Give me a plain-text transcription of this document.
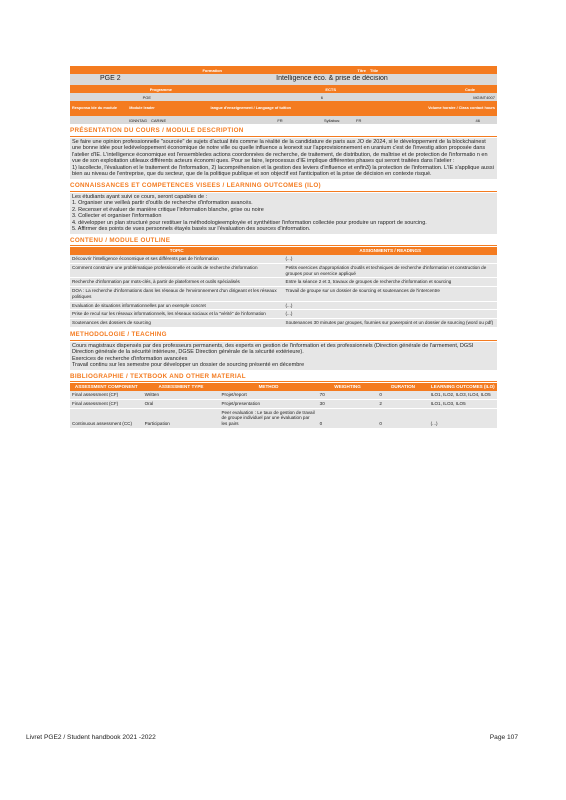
Formation	Titre	Title
PGE 2	Intelligence éco. & prise de décision
Programme	ECTS	Code
PGE	6	MGINT4007
Responsa ble du module	Module leader	langue d'enseignement / Language of tuition	Volume horaire / Class contact hours
IDNNTAG	CARINE	FR	Syllabus:	FR	46
PRÉSENTATION DU COURS / MODULE DESCRIPTION

Se faire une opinion professionnelle "sourcée" de sujets d'actual ités comme la réalité de la candidature de paris aux JO de 2024, si le développement de la blockchainest une bonne idée pour ledéveloppement économique de notre ville ou quelle influence a leonexit sur l'approvisionnement en uranium c'est de l'investig ation proposée dans l'atelier d'IE. L'intelligence économique est l'ensembledes actions coordonnées de recherche, de traitement, de distribution, de maîtrise et de protection de l'informatio n en vue de son exploitation utileaux différents acteurs économi ques. Pour se faire, leprocessus d'IE implique différentes phases qui seront traitées dans l'atelier :

1) lacollecte, l'évaluation et le traitement de l'information, 2) lacompréhension et la gestion des leviers d'influence et enfin3) la protection de l'information. L'IE s'applique aussi bien au niveau de l'entreprise, que du secteur, que de la politique publique et son objectif est l'anticipation et la prise de décision en contexte risqué.

CONNAISSANCES ET COMPETENCES VISEES / LEARNING OUTCOMES (ILO)

Les étudiants ayant suivi ce cours, seront capables de :

1. Organiser une veilleà partir d'outils de recherche d'information avancés.

2. Recenser et évaluer de manière critique l'information blanche, grise ou noire

3. Collecter et organiser l'information

4. développer un plan structuré pour restituer la méthodologieemployée et synthétiser l'information collectée pour produire un rapport de sourcing.

5. Affirmer des points de vues personnels étayés basés sur l'évaluation des sources d'information.

CONTENU / MODULE OUTLINE
TOPIC	ASSIGNMENTS / READINGS
Découvrir l'intelligence économique et ses différents pas de l'information	(...)
Comment construire une problématique professionnelle et outils de recherche d'information	Petits exercices d'appropriation d'outils et techniques de recherche d'information et construction de groupes pour un exercice appliqué
Recherche d'information par mots-clés, à partir de plateformes et outils spécialisés	Entre la séance 2 et 3, travaux de groupes de recherche d'information et sourcing
DOA : La recherche d'informations dans les réseaux de l'environnement d'un dirigeant et les réseaux politiques	Travail de groupe sur un dossier de sourcing et soutenances de l'intercentre
Evaluation de situations informationnelles par un exemple concret	(...)
Prise de recul sur les réseaux informationnels, les réseaux sociaux et la "vérité" de l'information	(...)
Soutenances des dossiers de sourcing	Soutenances 30 minutes par groupes, fournies sur powerpoint et un dossier de sourcing (word ou pdf)
METHODOLOGIE / TEACHING

Cours magistraux dispensés par des professeurs permanents, des experts en gestion de l'information et des professionnels (Direction générale de l'armement, DGSI Direction générale de la sécurité intérieure, DGSE Direction générale de la sécurité extérieure).

Exercices de recherche d'information avancées

Travail continu sur les semestre pour développer un dossier de sourcing présenté en décembre

BIBLIOGRAPHIE / TEXTBOOK AND OTHER MATERIAL
ASSESSMENT COMPONENT	ASSESSMENT TYPE	METHOD	WEIGHTING	DURATION	LEARNING OUTCOMES (ILO)
Final assessment (CF)	Written	Projet/report	70	0	ILO1, ILO2, ILO3, ILO4, ILO5
Final assessment (CF)	Oral	Projet/presentation	30	2	ILO1, ILO3, ILO5
Continuous assessment (CC)	Participation	Peer evaluation : Le taux de gestion de travail de groupe individuel par une évaluation par les pairs	0	0	(...)
Livret PGE2 / Student handbook 2021 -2022	Page 107
